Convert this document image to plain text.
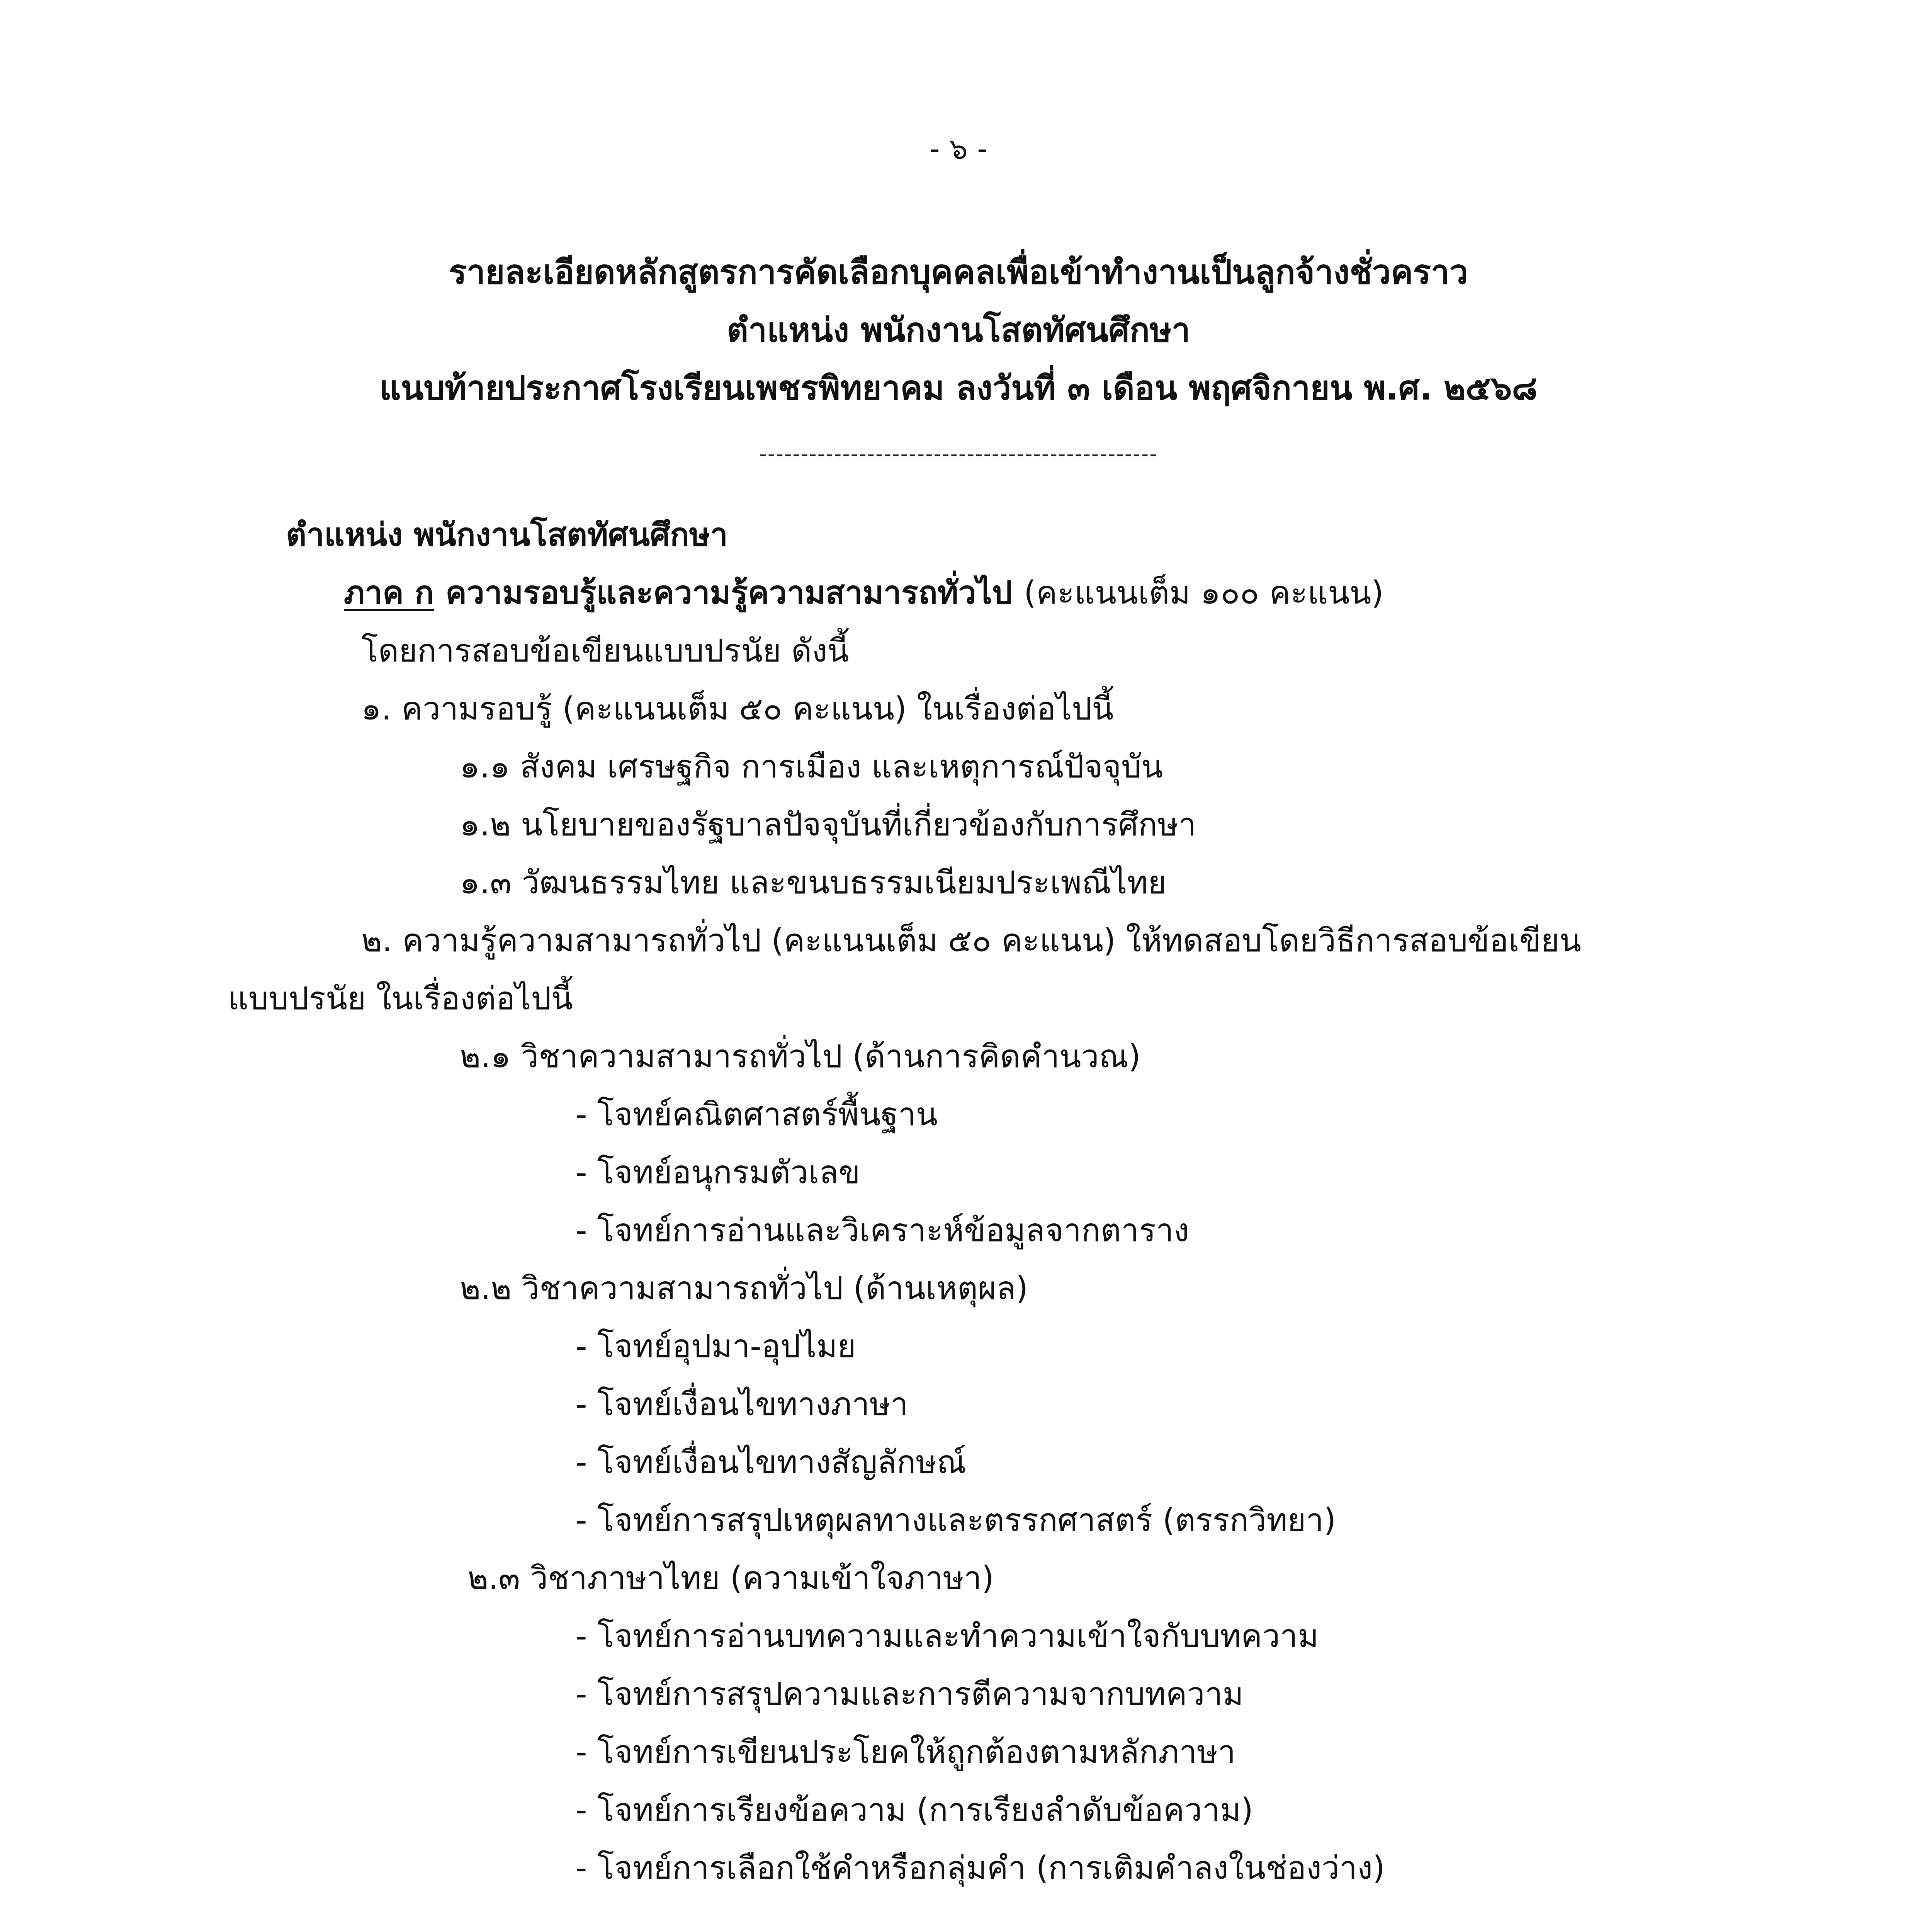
- ๖ -
รายละเอียดหลักสูตรการคัดเลือกบุคคลเพื่อเข้าทำงานเป็นลูกจ้างชั่วคราว
ตำแหน่ง พนักงานโสตทัศนศึกษา
แนบท้ายประกาศโรงเรียนเพชรพิทยาคม ลงวันที่ ๓ เดือน พฤศจิกายน พ.ศ. ๒๕๖๘
------------------------------------------------
ตำแหน่ง พนักงานโสตทัศนศึกษา
ภาค ก ความรอบรู้และความรู้ความสามารถทั่วไป (คะแนนเต็ม ๑๐๐ คะแนน)
โดยการสอบข้อเขียนแบบปรนัย ดังนี้
๑. ความรอบรู้ (คะแนนเต็ม ๕๐ คะแนน) ในเรื่องต่อไปนี้
๑.๑ สังคม เศรษฐกิจ การเมือง และเหตุการณ์ปัจจุบัน
๑.๒ นโยบายของรัฐบาลปัจจุบันที่เกี่ยวข้องกับการศึกษา
๑.๓ วัฒนธรรมไทย และขนบธรรมเนียมประเพณีไทย
๒. ความรู้ความสามารถทั่วไป (คะแนนเต็ม ๕๐ คะแนน) ให้ทดสอบโดยวิธีการสอบข้อเขียน
แบบปรนัย ในเรื่องต่อไปนี้
๒.๑ วิชาความสามารถทั่วไป (ด้านการคิดคำนวณ)
- โจทย์คณิตศาสตร์พื้นฐาน
- โจทย์อนุกรมตัวเลข
- โจทย์การอ่านและวิเคราะห์ข้อมูลจากตาราง
๒.๒ วิชาความสามารถทั่วไป (ด้านเหตุผล)
- โจทย์อุปมา-อุปไมย
- โจทย์เงื่อนไขทางภาษา
- โจทย์เงื่อนไขทางสัญลักษณ์
- โจทย์การสรุปเหตุผลทางและตรรกศาสตร์ (ตรรกวิทยา)
๒.๓ วิชาภาษาไทย (ความเข้าใจภาษา)
- โจทย์การอ่านบทความและทำความเข้าใจกับบทความ
- โจทย์การสรุปความและการตีความจากบทความ
- โจทย์การเขียนประโยคให้ถูกต้องตามหลักภาษา
- โจทย์การเรียงข้อความ (การเรียงลำดับข้อความ)
- โจทย์การเลือกใช้คำหรือกลุ่มคำ (การเติมคำลงในช่องว่าง)
